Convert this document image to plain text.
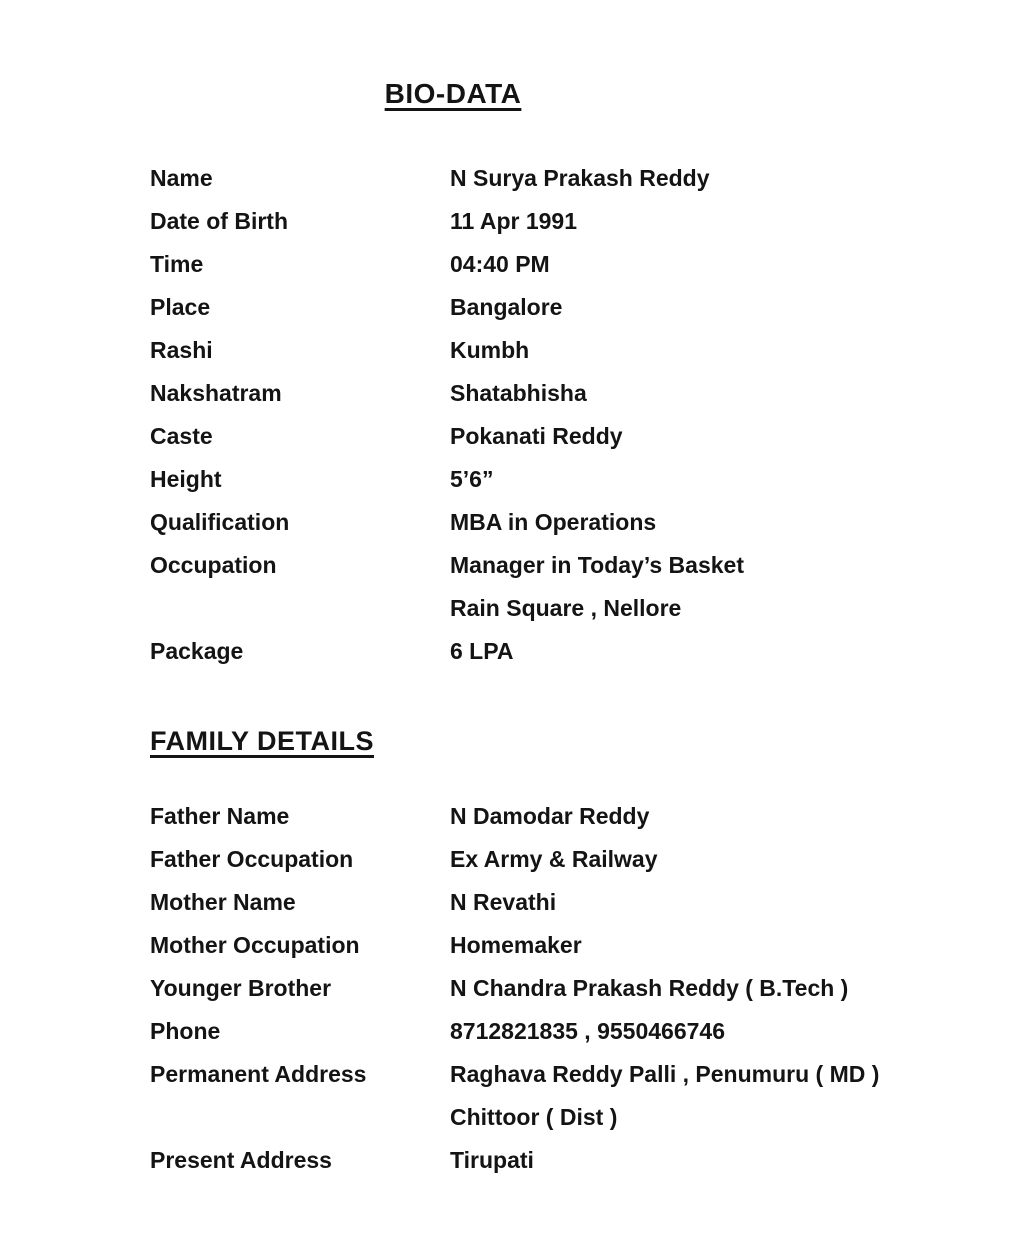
BIO-DATA
Name	N Surya Prakash Reddy
Date of Birth	11 Apr 1991
Time	04:40 PM
Place	Bangalore
Rashi	Kumbh
Nakshatram	Shatabhisha
Caste	Pokanati Reddy
Height	5’6”
Qualification	MBA in Operations
Occupation	Manager in Today’s Basket
Rain Square , Nellore
Package	6 LPA
FAMILY DETAILS
Father Name	N Damodar Reddy
Father Occupation	Ex Army & Railway
Mother Name	N Revathi
Mother Occupation	Homemaker
Younger Brother	N Chandra Prakash Reddy ( B.Tech )
Phone	8712821835 , 9550466746
Permanent Address	Raghava Reddy Palli , Penumuru ( MD )
Chittoor ( Dist )
Present Address	Tirupati
